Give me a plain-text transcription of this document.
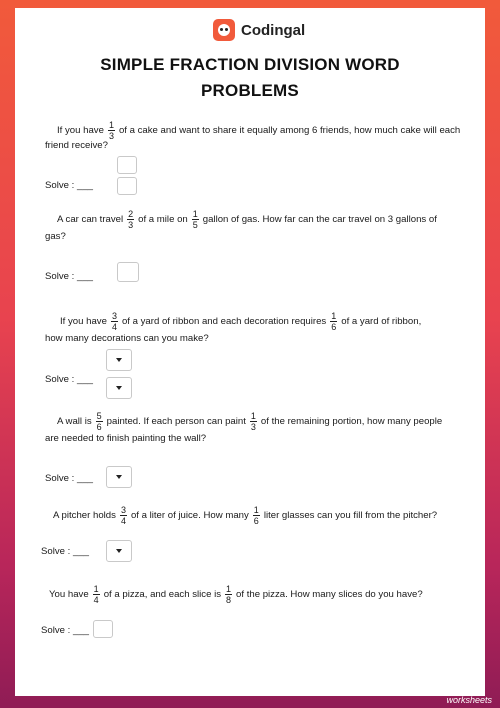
Codingal
SIMPLE FRACTION DIVISION WORD
PROBLEMS
If you have $\frac{1}{3}$ of a cake and want to share it equally among 6 friends, how much cake will each
friend receive?
Solve : ___
A car can travel $\frac{2}{3}$ of a mile on $\frac{1}{5}$ gallon of gas. How far can the car travel on 3 gallons of
gas?
Solve : ___
If you have $\frac{3}{4}$ of a yard of ribbon and each decoration requires $\frac{1}{6}$ of a yard of ribbon,
how many decorations can you make?
Solve : ___
A wall is $\frac{5}{6}$ painted. If each person can paint $\frac{1}{3}$ of the remaining portion, how many people
are needed to finish painting the wall?
Solve : ___
A pitcher holds $\frac{3}{4}$ of a liter of juice. How many $\frac{1}{6}$ liter glasses can you fill from the pitcher?
Solve : ___
You have $\frac{1}{4}$ of a pizza, and each slice is $\frac{1}{8}$ of the pizza. How many slices do you have?
Solve : ___
TOP
worksheets
